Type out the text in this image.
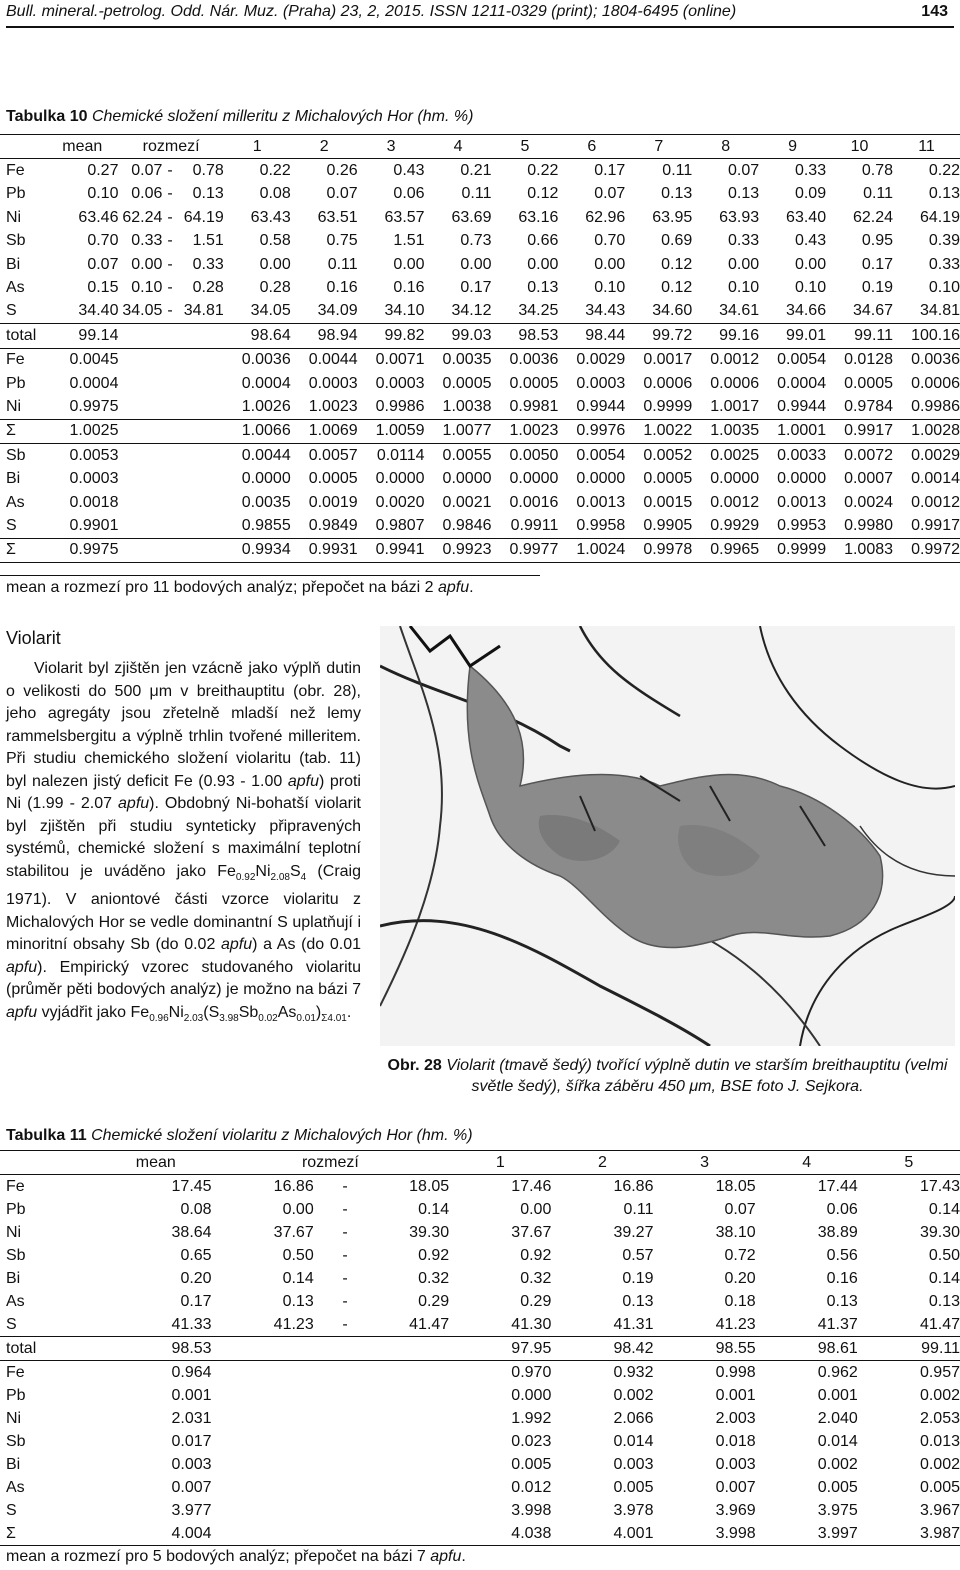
Bull. mineral.-petrolog. Odd. Nár. Muz. (Praha) 23, 2, 2015. ISSN 1211-0329 (print); 1804-6495 (online)	143
Tabulka 10 Chemické složení milleritu z Michalových Hor (hm. %)
	mean	rozmezí			1	2	3	4	5	6	7	8	9	10	11
Fe	0.27	0.07	-	0.78	0.22	0.26	0.43	0.21	0.22	0.17	0.11	0.07	0.33	0.78	0.22
Pb	0.10	0.06	-	0.13	0.08	0.07	0.06	0.11	0.12	0.07	0.13	0.13	0.09	0.11	0.13
Ni	63.46	62.24	-	64.19	63.43	63.51	63.57	63.69	63.16	62.96	63.95	63.93	63.40	62.24	64.19
Sb	0.70	0.33	-	1.51	0.58	0.75	1.51	0.73	0.66	0.70	0.69	0.33	0.43	0.95	0.39
Bi	0.07	0.00	-	0.33	0.00	0.11	0.00	0.00	0.00	0.00	0.12	0.00	0.00	0.17	0.33
As	0.15	0.10	-	0.28	0.28	0.16	0.16	0.17	0.13	0.10	0.12	0.10	0.10	0.19	0.10
S	34.40	34.05	-	34.81	34.05	34.09	34.10	34.12	34.25	34.43	34.60	34.61	34.66	34.67	34.81
total	99.14				98.64	98.94	99.82	99.03	98.53	98.44	99.72	99.16	99.01	99.11	100.16
Fe	0.0045				0.0036	0.0044	0.0071	0.0035	0.0036	0.0029	0.0017	0.0012	0.0054	0.0128	0.0036
Pb	0.0004				0.0004	0.0003	0.0003	0.0005	0.0005	0.0003	0.0006	0.0006	0.0004	0.0005	0.0006
Ni	0.9975				1.0026	1.0023	0.9986	1.0038	0.9981	0.9944	0.9999	1.0017	0.9944	0.9784	0.9986
Σ	1.0025				1.0066	1.0069	1.0059	1.0077	1.0023	0.9976	1.0022	1.0035	1.0001	0.9917	1.0028
Sb	0.0053				0.0044	0.0057	0.0114	0.0055	0.0050	0.0054	0.0052	0.0025	0.0033	0.0072	0.0029
Bi	0.0003				0.0000	0.0005	0.0000	0.0000	0.0000	0.0000	0.0005	0.0000	0.0000	0.0007	0.0014
As	0.0018				0.0035	0.0019	0.0020	0.0021	0.0016	0.0013	0.0015	0.0012	0.0013	0.0024	0.0012
S	0.9901				0.9855	0.9849	0.9807	0.9846	0.9911	0.9958	0.9905	0.9929	0.9953	0.9980	0.9917
Σ	0.9975				0.9934	0.9931	0.9941	0.9923	0.9977	1.0024	0.9978	0.9965	0.9999	1.0083	0.9972
mean a rozmezí pro 11 bodových analýz; přepočet na bázi 2 apfu.
Violarit
Violarit byl zjištěn jen vzácně jako výplň dutin o velikosti do 500 μm v breithauptitu (obr. 28), jeho agregáty jsou zřetelně mladší než lemy rammelsbergitu a výplně trhlin tvořené milleritem. Při studiu chemického složení violaritu (tab. 11) byl nalezen jistý deficit Fe (0.93 - 1.00 apfu) proti Ni (1.99 - 2.07 apfu). Obdobný Ni-bohatší violarit byl zjištěn při studiu synteticky připravených systémů, chemické složení s maximální teplotní stabilitou je uváděno jako $Fe_{0.92}Ni_{2.08}S_4$ (Craig 1971). V aniontové části vzorce violaritu z Michalových Hor se vedle dominantní S uplatňují i minoritní obsahy Sb (do 0.02 apfu) a As (do 0.01 apfu). Empirický vzorec studovaného violaritu (průměr pěti bodových analýz) je možno na bázi 7 apfu vyjádřit jako $Fe_{0.96}Ni_{2.03}(S_{3.98}Sb_{0.02}As_{0.01})_{\Sigma 4.01}$.
Obr. 28 Violarit (tmavě šedý) tvořící výplně dutin ve starším breithauptitu (velmi světle šedý), šířka záběru 450 μm, BSE foto J. Sejkora.
Tabulka 11 Chemické složení violaritu z Michalových Hor (hm. %)
	mean	rozmezí			1	2	3	4	5
Fe	17.45	16.86	-	18.05	17.46	16.86	18.05	17.44	17.43
Pb	0.08	0.00	-	0.14	0.00	0.11	0.07	0.06	0.14
Ni	38.64	37.67	-	39.30	37.67	39.27	38.10	38.89	39.30
Sb	0.65	0.50	-	0.92	0.92	0.57	0.72	0.56	0.50
Bi	0.20	0.14	-	0.32	0.32	0.19	0.20	0.16	0.14
As	0.17	0.13	-	0.29	0.29	0.13	0.18	0.13	0.13
S	41.33	41.23	-	41.47	41.30	41.31	41.23	41.37	41.47
total	98.53				97.95	98.42	98.55	98.61	99.11
Fe	0.964				0.970	0.932	0.998	0.962	0.957
Pb	0.001				0.000	0.002	0.001	0.001	0.002
Ni	2.031				1.992	2.066	2.003	2.040	2.053
Sb	0.017				0.023	0.014	0.018	0.014	0.013
Bi	0.003				0.005	0.003	0.003	0.002	0.002
As	0.007				0.012	0.005	0.007	0.005	0.005
S	3.977				3.998	3.978	3.969	3.975	3.967
Σ	4.004				4.038	4.001	3.998	3.997	3.987
mean a rozmezí pro 5 bodových analýz; přepočet na bázi 7 apfu.
